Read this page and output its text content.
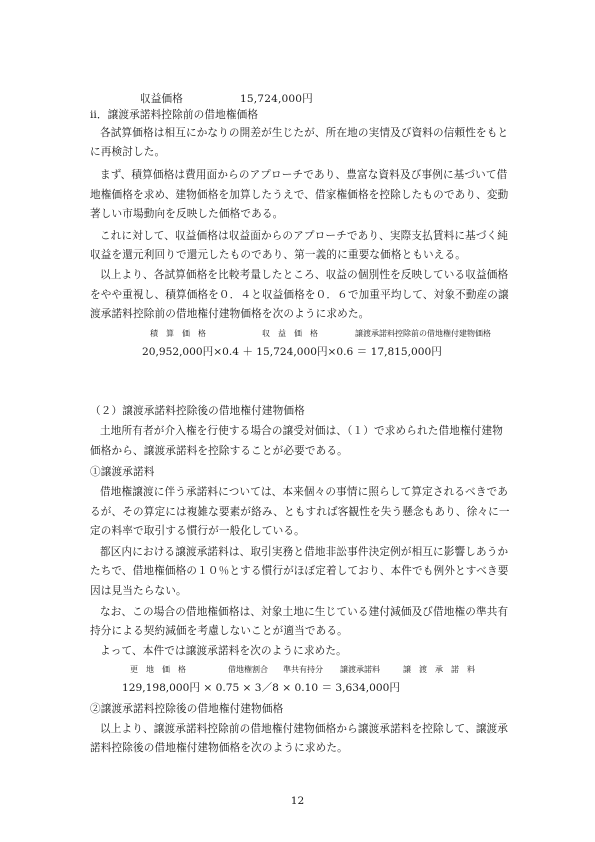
収益価格	15,724,000円
ⅱ．譲渡承諾料控除前の借地権価格
各試算価格は相互にかなりの開差が生じたが、所在地の実情及び資料の信頼性をもと
に再検討した。
まず、積算価格は費用面からのアプローチであり、豊富な資料及び事例に基づいて借
地権価格を求め、建物価格を加算したうえで、借家権価格を控除したものであり、変動
著しい市場動向を反映した価格である。
これに対して、収益価格は収益面からのアプローチであり、実際支払賃料に基づく純
収益を還元利回りで還元したものであり、第一義的に重要な価格ともいえる。
以上より、各試算価格を比較考量したところ、収益の個別性を反映している収益価格
をやや重視し、積算価格を０．４と収益価格を０．６で加重平均して、対象不動産の譲
渡承諾料控除前の借地権付建物価格を次のように求めた。
積　算　価　格	収　益　価　格	譲渡承諾料控除前の借地権付建物価格
20,952,000円×0.4 ＋ 15,724,000円×0.6 ＝ 17,815,000円
（２）譲渡承諾料控除後の借地権付建物価格
土地所有者が介入権を行使する場合の譲受対価は、（１）で求められた借地権付建物
価格から、譲渡承諾料を控除することが必要である。
①譲渡承諾料
借地権譲渡に伴う承諾料については、本来個々の事情に照らして算定されるべきであ
るが、その算定には複雑な要素が絡み、ともすれば客観性を失う懸念もあり、徐々に一
定の料率で取引する慣行が一般化している。
都区内における譲渡承諾料は、取引実務と借地非訟事件決定例が相互に影響しあうか
たちで、借地権価格の１０％とする慣行がほぼ定着しており、本件でも例外とすべき要
因は見当たらない。
なお、この場合の借地権価格は、対象土地に生じている建付減価及び借地権の準共有
持分による契約減価を考慮しないことが適当である。
よって、本件では譲渡承諾料を次のように求めた。
更　地　価　格	借地権割合 準共有持分 譲渡承諾料	譲　渡　承　諾　料
129,198,000円 × 0.75 × 3／8 × 0.10 ＝ 3,634,000円
②譲渡承諾料控除後の借地権付建物価格
以上より、譲渡承諾料控除前の借地権付建物価格から譲渡承諾料を控除して、譲渡承
諾料控除後の借地権付建物価格を次のように求めた。
12
